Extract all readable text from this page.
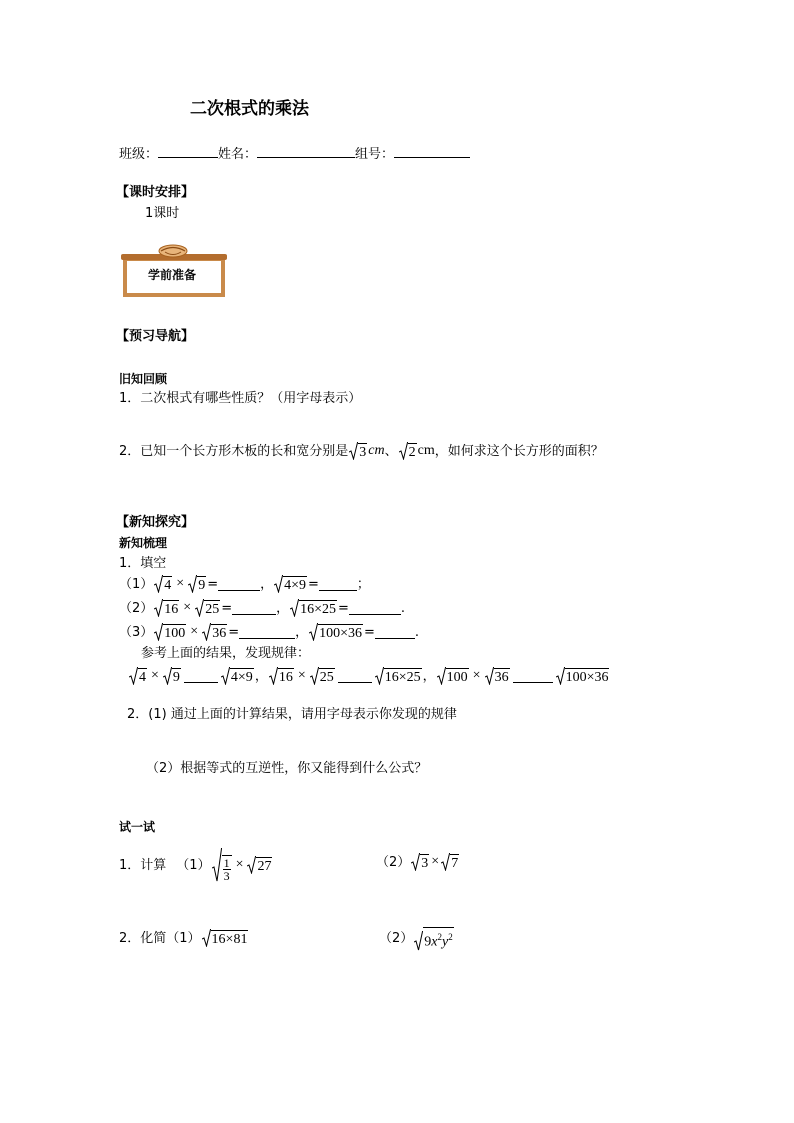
二次根式的乘法
班级：	姓名：	组号：
【课时安排】
1课时
学前准备
【预习导航】
旧知回顾
1．二次根式有哪些性质？（用字母表示）
2．已知一个长方形木板的长和宽分别是 3 cm 、 2 cm ，如何求这个长方形的面积？
【新知探究】
新知梳理
1．填空
（1） 4 × 9 =	， 4×9 =	；
（2） 16 × 25 =	， 16×25 =	.
（3） 100 × 36 =	， 100×36 =	.
参考上面的结果，发现规律：
4 × 9	4×9 ， 16 × 25	16×25 ， 100 × 36	100×36
2．(1) 通过上面的计算结果，请用字母表示你发现的规律
（2）根据等式的互逆性，你又能得到什么公式？
试一试
1．计算 $(1) \frac{1}{3} \times 27$	（2） 3 × 7
2．化简（1） 16×81	（2） $9x^2y^2$
